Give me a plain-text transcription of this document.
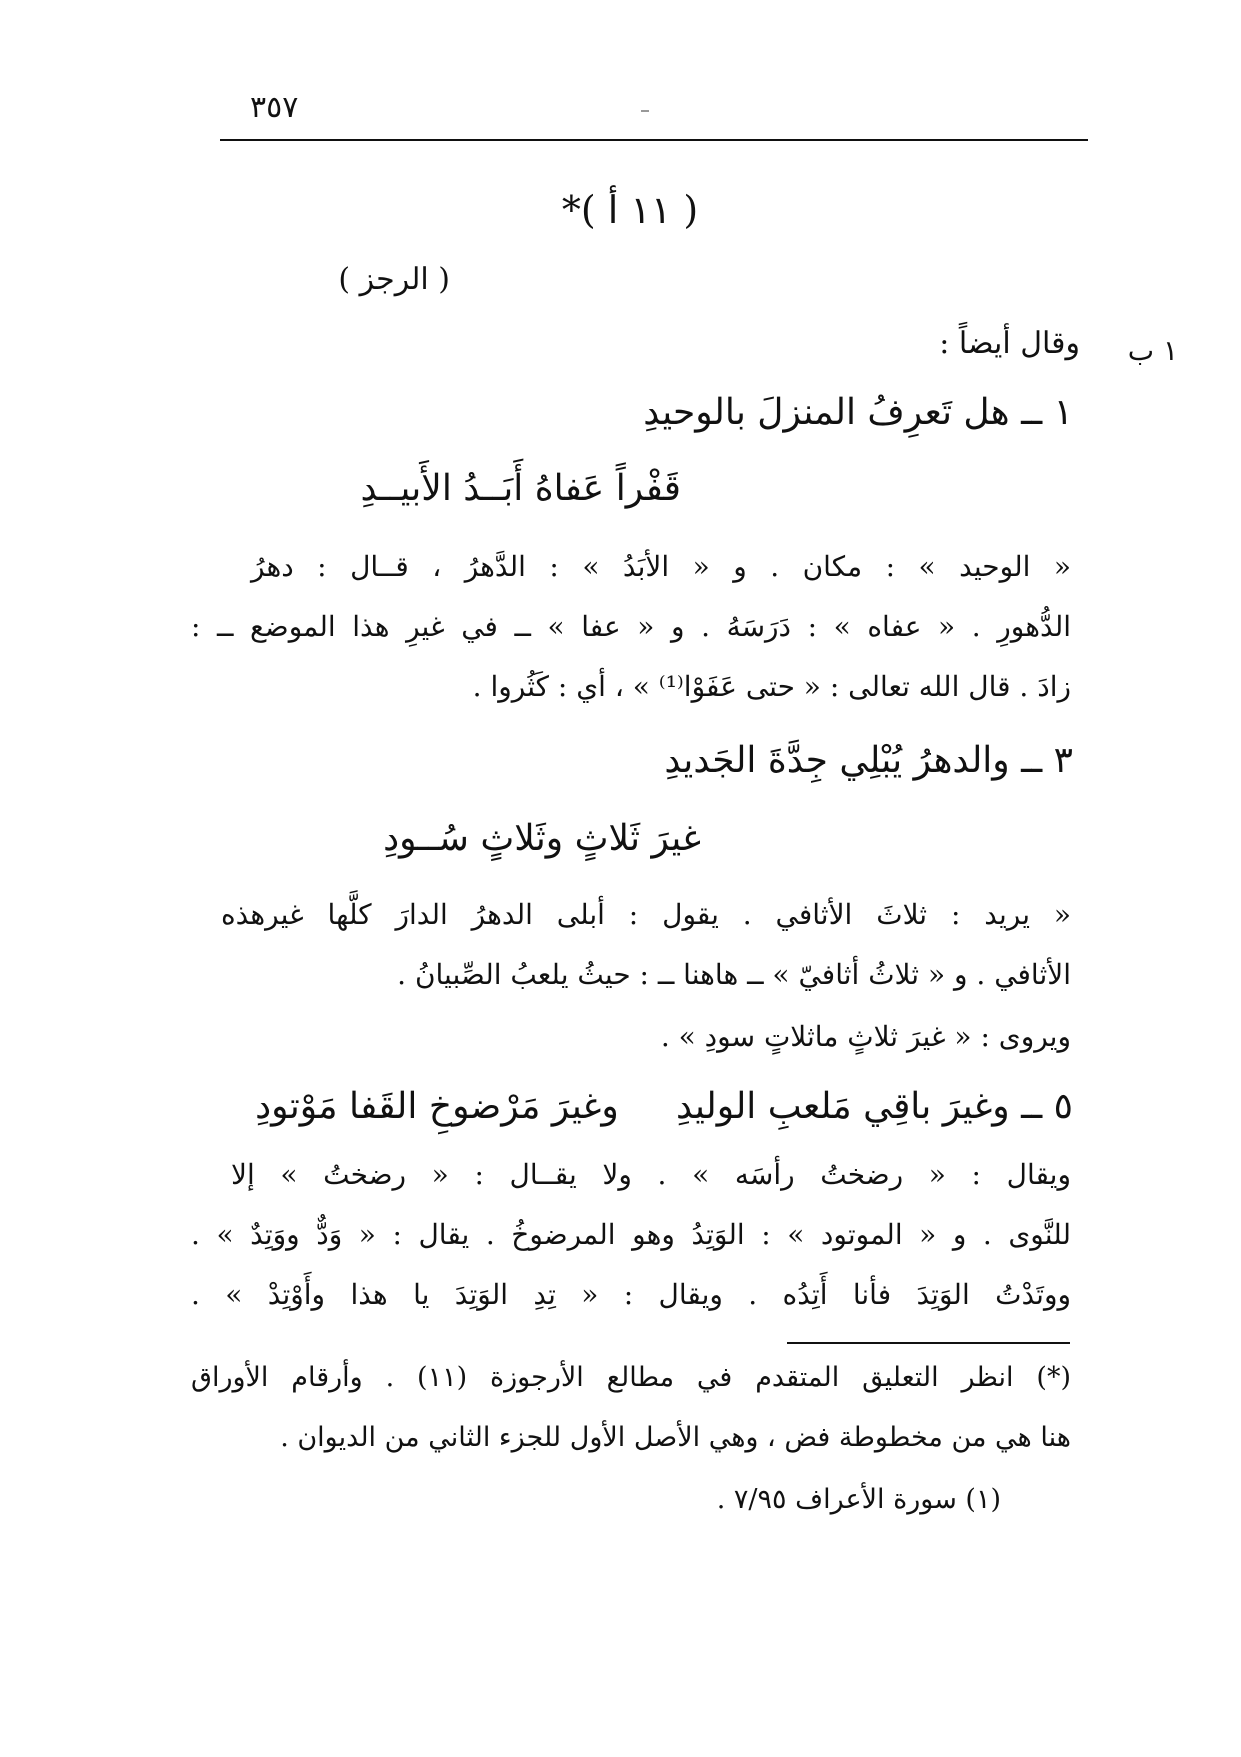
٣٥٧
( ١١ أ )*
( الرجز )
١ ب
وقال أيضاً :
١ ــ هل تَعرِفُ المنزلَ بالوحيدِ
قَفْراً عَفاهُ أَبَــدُ الأَبيــدِ
« الوحيد » : مكان . و « الأبَدُ » : الدَّهرُ ، قــال : دهرُ
الدُّهورِ . « عفاه » : دَرَسَهُ . و « عفا » ــ في غيرِ هذا الموضع ــ :
زادَ . قال الله تعالى : « حتى عَفَوْا⁽¹⁾ » ، أي : كَثُروا .
٣ ــ والدهرُ يُبْلِي جِدَّةَ الجَديدِ
غيرَ ثَلاثٍ وثَلاثٍ سُــودِ
« يريد : ثلاثَ الأثافي . يقول : أبلى الدهرُ الدارَ كلَّها غيرهذه
الأثافي . و « ثلاثُ أثافيّ » ــ هاهنا ــ : حيثُ يلعبُ الصِّبيانُ .
ويروى : « غيرَ ثلاثٍ ماثلاتٍ سودِ » .
٥ ــ وغيرَ باقِي مَلعبِ الوليدِ     وغيرَ مَرْضوخِ القَفا مَوْتودِ
ويقال : « رضختُ رأسَه » . ولا يقــال : « رضختُ » إلا
للنَّوى . و « الموتود » : الوَتِدُ وهو المرضوخُ . يقال : « وَدٌّ ووَتِدٌ » .
ووتَدْتُ الوَتِدَ فأنا أَتِدُه . ويقال : « تِدِ الوَتِدَ يا هذا وأَوْتِدْ » .
(*) انظر التعليق المتقدم في مطالع الأرجوزة (١١) . وأرقام الأوراق
هنا هي من مخطوطة فض ، وهي الأصل الأول للجزء الثاني من الديوان .
(١) سورة الأعراف ٧/٩٥ .
